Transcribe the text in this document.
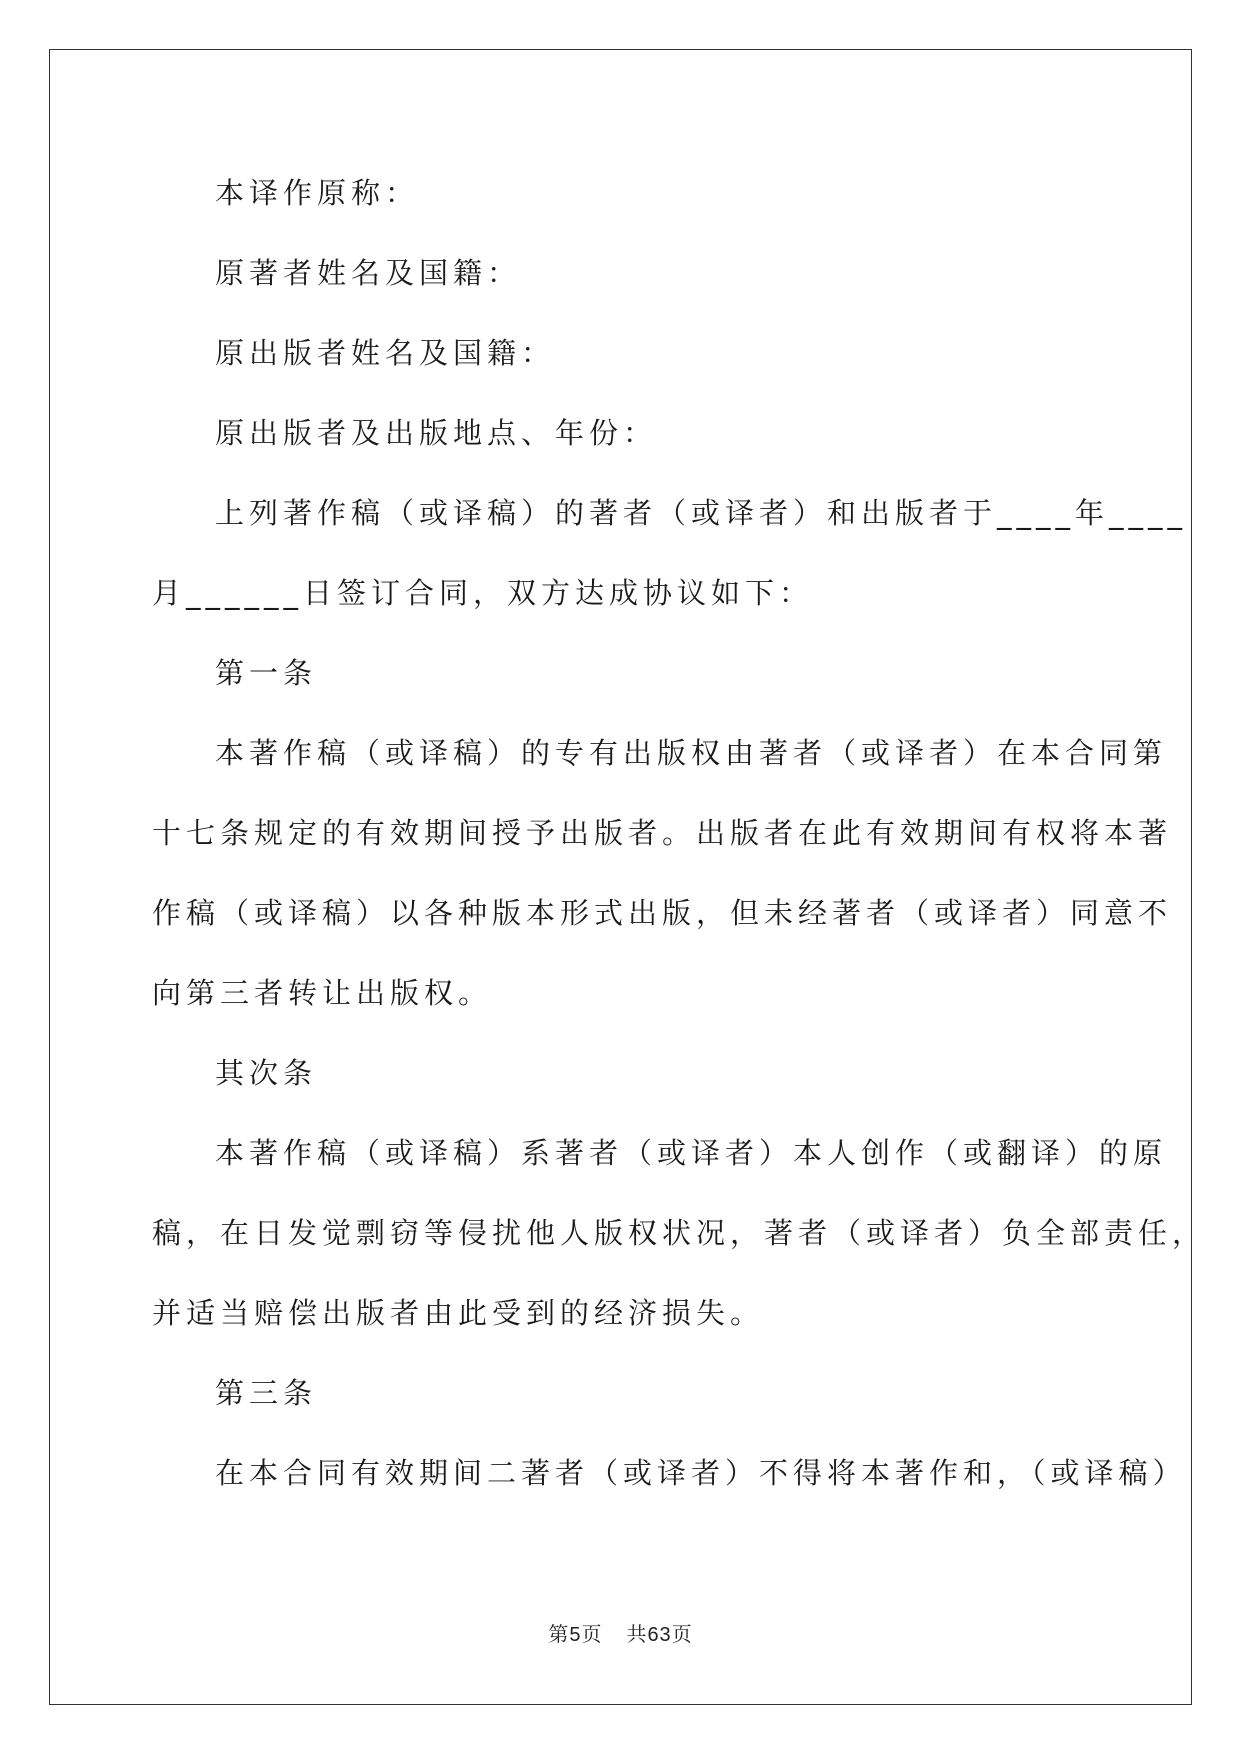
本译作原称：
原著者姓名及国籍：
原出版者姓名及国籍：
原出版者及出版地点、年份：
上列著作稿（或译稿）的著者（或译者）和出版者于____年____
月______日签订合同，双方达成协议如下：
第一条
本著作稿（或译稿）的专有出版权由著者（或译者）在本合同第
十七条规定的有效期间授予出版者。出版者在此有效期间有权将本著
作稿（或译稿）以各种版本形式出版，但未经著者（或译者）同意不
向第三者转让出版权。
其次条
本著作稿（或译稿）系著者（或译者）本人创作（或翻译）的原
稿，在日发觉剽窃等侵扰他人版权状况，著者（或译者）负全部责任，
并适当赔偿出版者由此受到的经济损失。
第三条
在本合同有效期间二著者（或译者）不得将本著作和，（或译稿）
第5页 共63页
